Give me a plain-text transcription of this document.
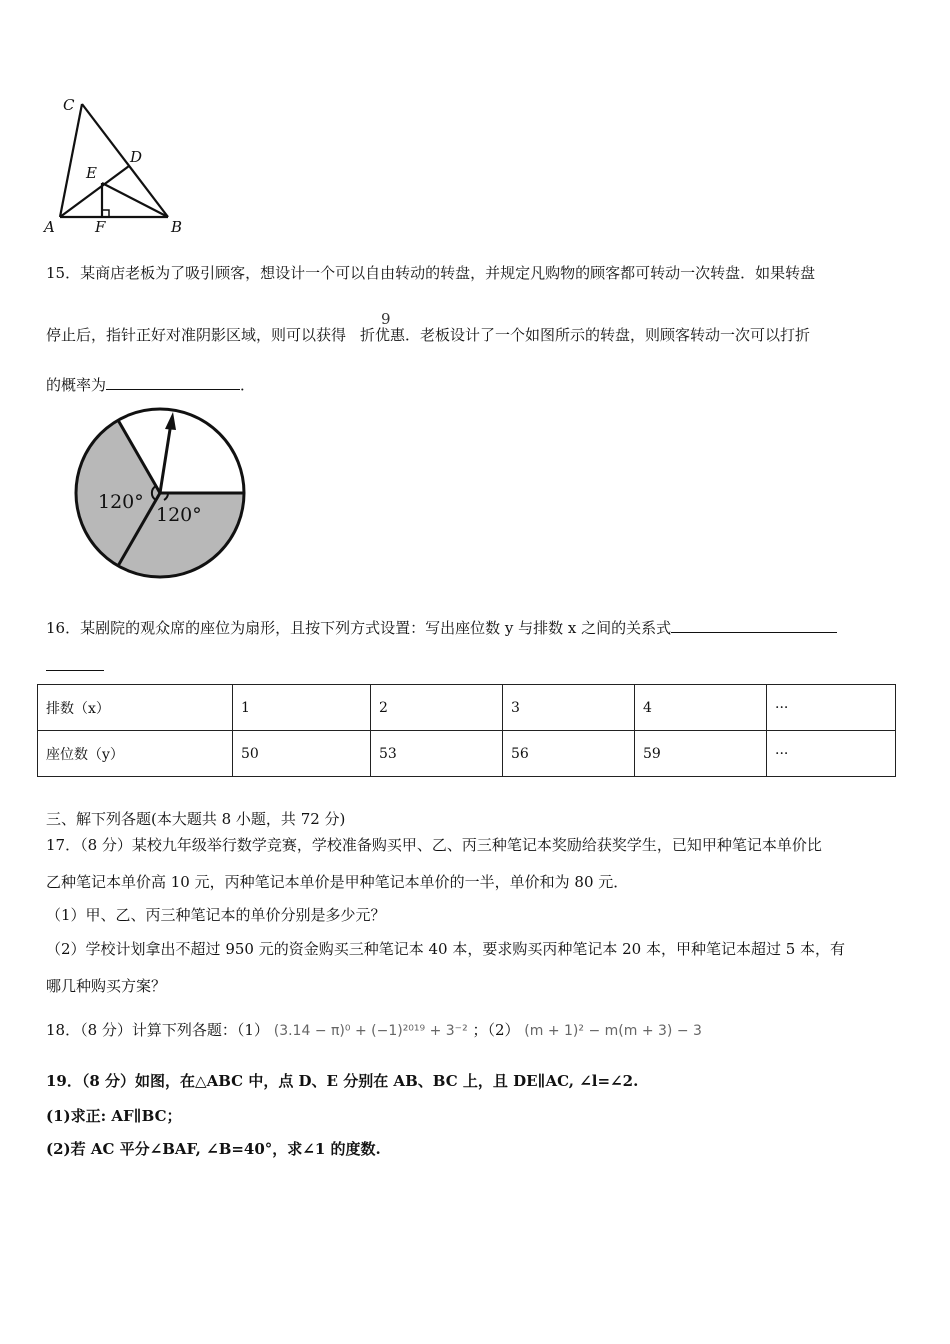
C
D
E
A	F	B
15．某商店老板为了吸引顾客，想设计一个可以自由转动的转盘，并规定凡购物的顾客都可转动一次转盘．如果转盘
停止后，指针正好对准阴影区域，则可以获得 折优惠．老板设计了一个如图所示的转盘，则顾客转动一次可以打折
9
的概率为	．
120°
120°
16．某剧院的观众席的座位为扇形，且按下列方式设置：写出座位数 y 与排数 x 之间的关系式
排数（x）	1	2	3	4	···
座位数（y）	50	53	56	59	···
三、解下列各题(本大题共 8 小题，共 72 分)
17．（8 分）某校九年级举行数学竞赛，学校准备购买甲、乙、丙三种笔记本奖励给获奖学生，已知甲种笔记本单价比
乙种笔记本单价高 10 元，丙种笔记本单价是甲种笔记本单价的一半，单价和为 80 元．
（1）甲、乙、丙三种笔记本的单价分别是多少元？
（2）学校计划拿出不超过 950 元的资金购买三种笔记本 40 本，要求购买丙种笔记本 20 本，甲种笔记本超过 5 本，有
哪几种购买方案？
18．（8 分）计算下列各题：（1） (3.14 − π)⁰ + (−1)²⁰¹⁹ + 3⁻² ；（2） (m + 1)² − m(m + 3) − 3
19．（8 分）如图，在△ABC 中，点 D、E 分别在 AB、BC 上，且 DE∥AC, ∠l=∠2.
(1)求正: AF∥BC；
(2)若 AC 平分∠BAF, ∠B=40°，求∠1 的度数.
